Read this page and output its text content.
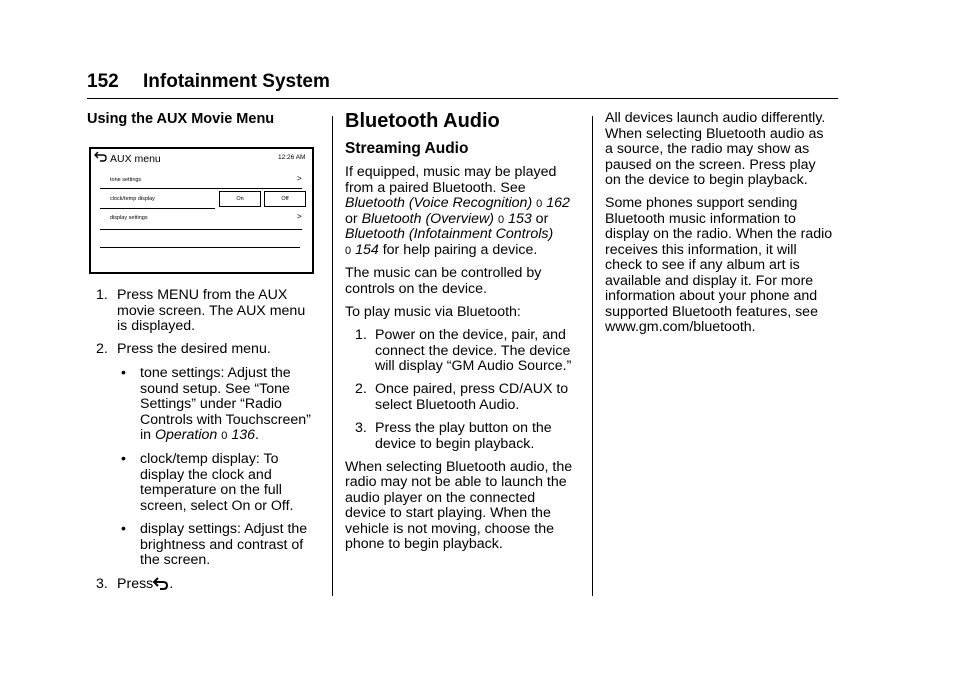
152 Infotainment System
Using the AUX Movie Menu
AUX menu	12:26 AM
tone settings	>
clock/temp display	On	Off
display settings	>
1. Press MENU from the AUX
movie screen. The AUX menu
is displayed.
2. Press the desired menu.
• tone settings: Adjust the
sound setup. See “Tone
Settings” under “Radio
Controls with Touchscreen”
in Operation 0 136.
• clock/temp display: To
display the clock and
temperature on the full
screen, select On or Off.
• display settings: Adjust the
brightness and contrast of
the screen.
3. Press .
Bluetooth Audio
Streaming Audio
If equipped, music may be played
from a paired Bluetooth. See
Bluetooth (Voice Recognition) 0 162
or Bluetooth (Overview) 0 153 or
Bluetooth (Infotainment Controls)
0 154 for help pairing a device.
The music can be controlled by
controls on the device.
To play music via Bluetooth:
1. Power on the device, pair, and
connect the device. The device
will display “GM Audio Source.”
2. Once paired, press CD/AUX to
select Bluetooth Audio.
3. Press the play button on the
device to begin playback.
When selecting Bluetooth audio, the
radio may not be able to launch the
audio player on the connected
device to start playing. When the
vehicle is not moving, choose the
phone to begin playback.
All devices launch audio differently.
When selecting Bluetooth audio as
a source, the radio may show as
paused on the screen. Press play
on the device to begin playback.
Some phones support sending
Bluetooth music information to
display on the radio. When the radio
receives this information, it will
check to see if any album art is
available and display it. For more
information about your phone and
supported Bluetooth features, see
www.gm.com/bluetooth.
